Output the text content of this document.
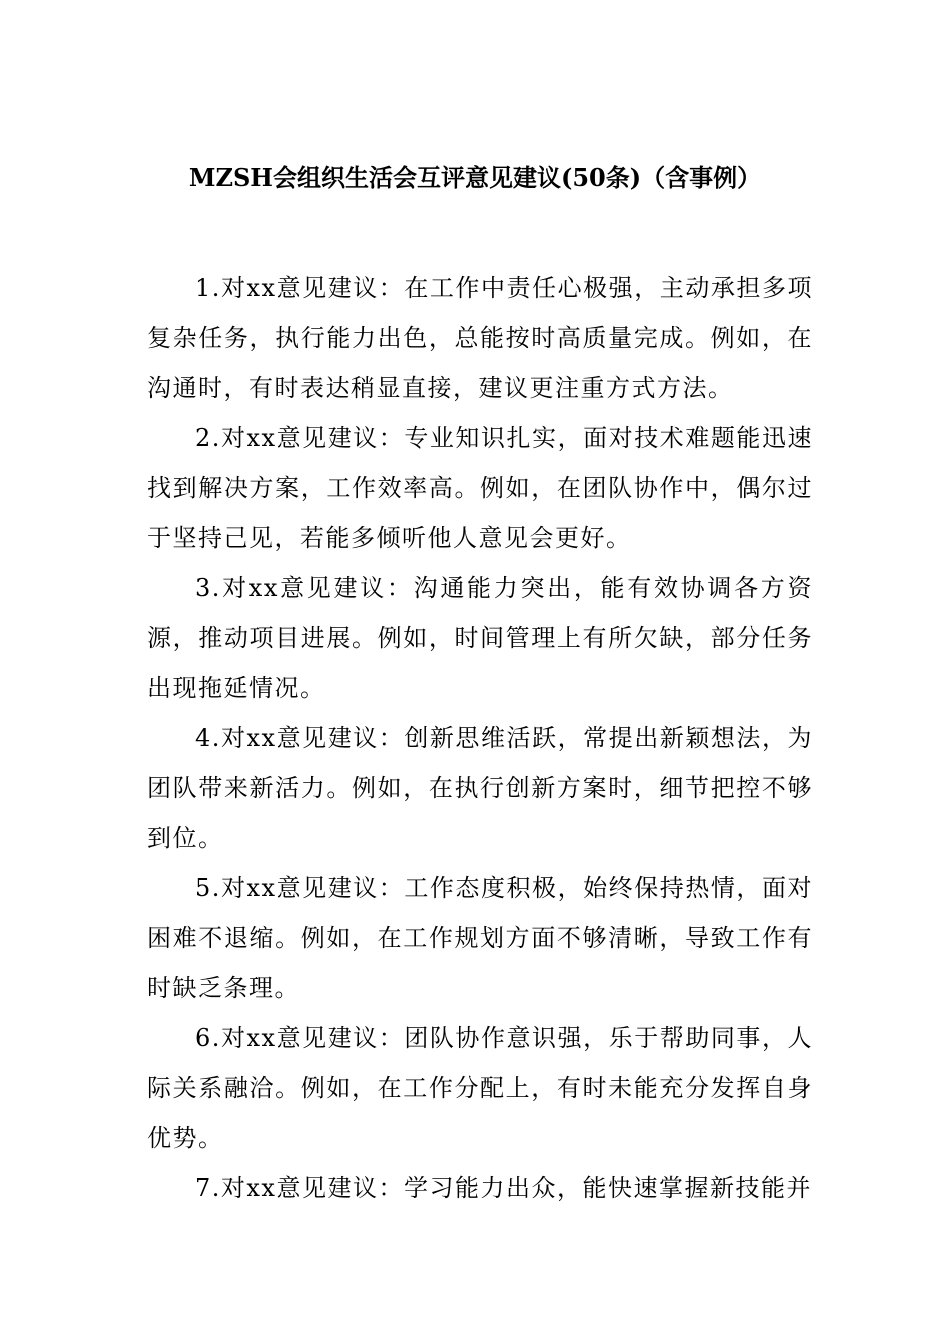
MZSH会组织生活会互评意见建议(50条)（含事例）

1.对xx意见建议：在工作中责任心极强，主动承担多项复杂任务，执行能力出色，总能按时高质量完成。例如，在沟通时，有时表达稍显直接，建议更注重方式方法。

2.对xx意见建议：专业知识扎实，面对技术难题能迅速找到解决方案，工作效率高。例如，在团队协作中，偶尔过于坚持己见，若能多倾听他人意见会更好。

3.对xx意见建议：沟通能力突出，能有效协调各方资源，推动项目进展。例如，时间管理上有所欠缺，部分任务出现拖延情况。

4.对xx意见建议：创新思维活跃，常提出新颖想法，为团队带来新活力。例如，在执行创新方案时，细节把控不够到位。

5.对xx意见建议：工作态度积极，始终保持热情，面对困难不退缩。例如，在工作规划方面不够清晰，导致工作有时缺乏条理。

6.对xx意见建议：团队协作意识强，乐于帮助同事，人际关系融洽。例如，在工作分配上，有时未能充分发挥自身优势。

7.对xx意见建议：学习能力出众，能快速掌握新技能并
